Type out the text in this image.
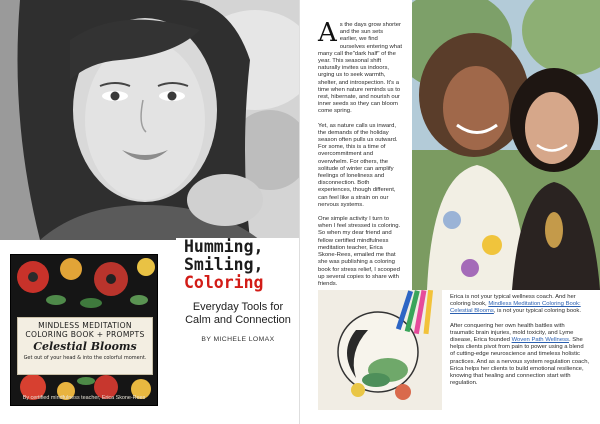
MINDLESS MEDITATION
COLORING BOOK + PROMPTS
Celestial Blooms
Get out of your head & into the colorful moment.
By certified mindfulness teacher, Erica Skone-Rees
Humming,
Smiling,
Coloring
Everyday Tools for
Calm and Connection
BY MICHELE LOMAX

As the days grow shorter and the sun sets earlier, we find ourselves entering what many call the"dark half" of the year. This seasonal shift naturally invites us indoors, urging us to seek warmth, shelter, and introspection. It's a time when nature reminds us to rest, hibernate, and nourish our inner seeds so they can bloom come spring.

Yet, as nature calls us inward, the demands of the holiday season often pulls us outward. For some, this is a time of overcommitment and overwhelm. For others, the solitude of winter can amplify feelings of loneliness and disconnection. Both experiences, though different, can feel like a strain on our nervous systems.

One simple activity I turn to when I feel stressed is coloring. So when my dear friend and fellow certified mindfulness meditation teacher, Erica Skone-Rees, emailed me that she was publishing a coloring book for stress relief, I scooped up several copies to share with friends.

Erica is not your typical wellness coach. And her coloring book, Mindless Meditation Coloring Book: Celestial Blooms, is not your typical coloring book.

After conquering her own health battles with traumatic brain injuries, mold toxicity, and Lyme disease, Erica founded Woven Path Wellness. She helps clients pivot from pain to power using a blend of cutting-edge neuroscience and timeless holistic practices. And as a nervous system regulation coach, Erica helps her clients to build emotional resilience, knowing that healing and connection start with regulation.
